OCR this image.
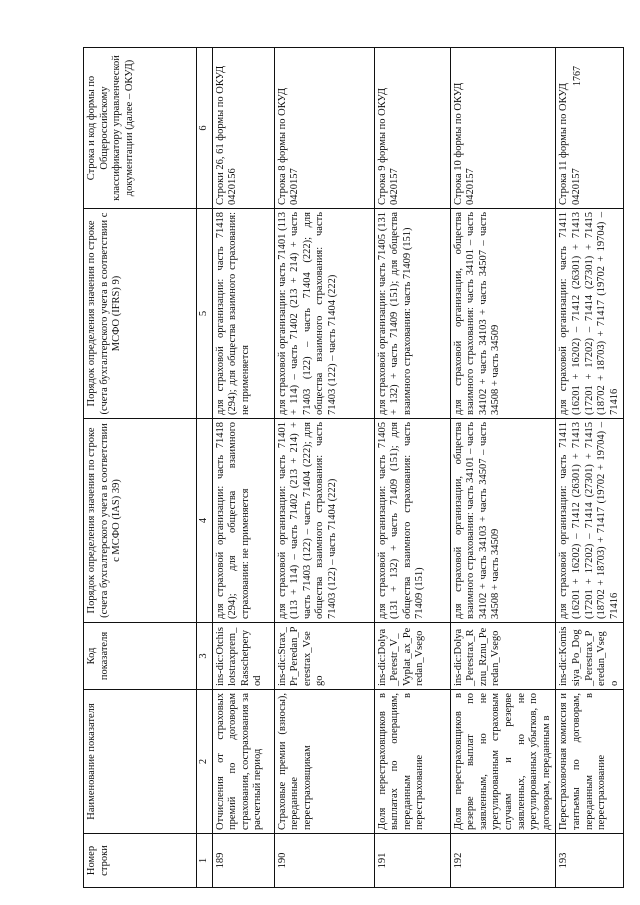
1767
Номер строки	Наименование показателя	Код показателя	Порядок определения значения по строке (счета бухгалтерского учета в соответствии с МСФО (IAS) 39)	Порядок определения значения по строке (счета бухгалтерского учета в соответствии с МСФО (IFRS) 9)	Строка и код формы по Общероссийскому классификатору управленческой документации (далее – ОКУД)
1	2	3	4	5	6
189	Отчисления от страховых премий по договорам страхования, сострахования за расчетный период	ins-dic:Otchislotstraxprem_Rasschetperyod	для страховой организации: часть 71418 (294); для общества взаимного страхования: не применяется	для страховой организации: часть 71418 (294); для общества взаимного страхования: не применяется	Строки 26, 61 формы по ОКУД 0420156
190	Страховые премии (взносы), переданные перестраховщикам	ins-dic:Strax_Pr_Peredan_Perestrax_Vsego	для страховой организации: часть 71401 (113 + 114) – часть 71402 (213 + 214) + часть 71403 (122) – часть 71404 (222); для общества взаимного страхования: часть 71403 (122) – часть 71404 (222)	для страховой организации: часть 71401 (113 + 114) – часть 71402 (213 + 214) + часть 71403 (122) – часть 71404 (222); для общества взаимного страхования: часть 71403 (122) – часть 71404 (222)	Строка 8 формы по ОКУД 0420157
191	Доля перестраховщиков в выплатах по операциям, переданным в перестрахование	ins-dic:Dolya_Perestr_V_Vyplat_ax_Peredan_Vsego	для страховой организации: часть 71405 (131 + 132) + часть 71409 (151); для общества взаимного страхования: часть 71409 (151)	для страховой организации: часть 71405 (131 + 132) + часть 71409 (151); для общества взаимного страхования: часть 71409 (151)	Строка 9 формы по ОКУД 0420157
192	Доля перестраховщиков в резерве выплат по заявленным, но не урегулированным страховым случаям и резерве заявленных, но не урегулированных убытков, по договорам, переданным в	ins-dic:Dolya_Perestrax_Rznu_Rznu_Peredan_Vsego	для страховой организации, общества взаимного страхования: часть 34101 – часть 34102 + часть 34103 + часть 34507 – часть 34508 + часть 34509	для страховой организации, общества взаимного страхования: часть 34101 – часть 34102 + часть 34103 + часть 34507 – часть 34508 + часть 34509	Строка 10 формы по ОКУД 0420157
193	Перестраховочная комиссия и тантьемы по договорам, переданным в перестрахование	ins-dic:Komissiya_Po_Dog_Perestrax_Peredan_Vsego	для страховой организации: часть 71411 (16201 + 16202) – 71412 (26301) + 71413 (17201 + 17202) – 71414 (27301) + 71415 (18702 + 18703) + 71417 (19702 + 19704) – 71416	для страховой организации: часть 71411 (16201 + 16202) – 71412 (26301) + 71413 (17201 + 17202) – 71414 (27301) + 71415 (18702 + 18703) + 71417 (19702 + 19704) – 71416	Строка 11 формы по ОКУД 0420157
